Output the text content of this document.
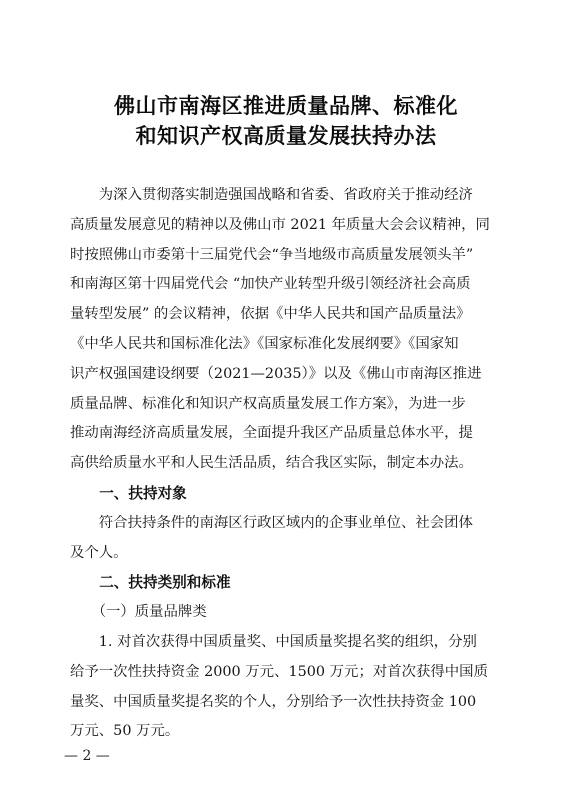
佛山市南海区推进质量品牌、标准化
和知识产权高质量发展扶持办法
　　为深入贯彻落实制造强国战略和省委、省政府关于推动经济
高质量发展意见的精神以及佛山市 2021 年质量大会会议精神，同
时按照佛山市委第十三届党代会“争当地级市高质量发展领头羊”
和南海区第十四届党代会 “加快产业转型升级引领经济社会高质
量转型发展” 的会议精神，依据《中华人民共和国产品质量法》
《中华人民共和国标准化法》《国家标准化发展纲要》《国家知
识产权强国建设纲要（2021—2035）》以及《佛山市南海区推进
质量品牌、标准化和知识产权高质量发展工作方案》，为进一步
推动南海经济高质量发展，全面提升我区产品质量总体水平，提
高供给质量水平和人民生活品质，结合我区实际，制定本办法。
　　一、扶持对象
　　符合扶持条件的南海区行政区域内的企事业单位、社会团体
及个人。
　　二、扶持类别和标准
　　（一）质量品牌类
　　1. 对首次获得中国质量奖、中国质量奖提名奖的组织，分别
给予一次性扶持资金 2000 万元、1500 万元；对首次获得中国质
量奖、中国质量奖提名奖的个人，分别给予一次性扶持资金 100
万元、50 万元。
— 2 —
